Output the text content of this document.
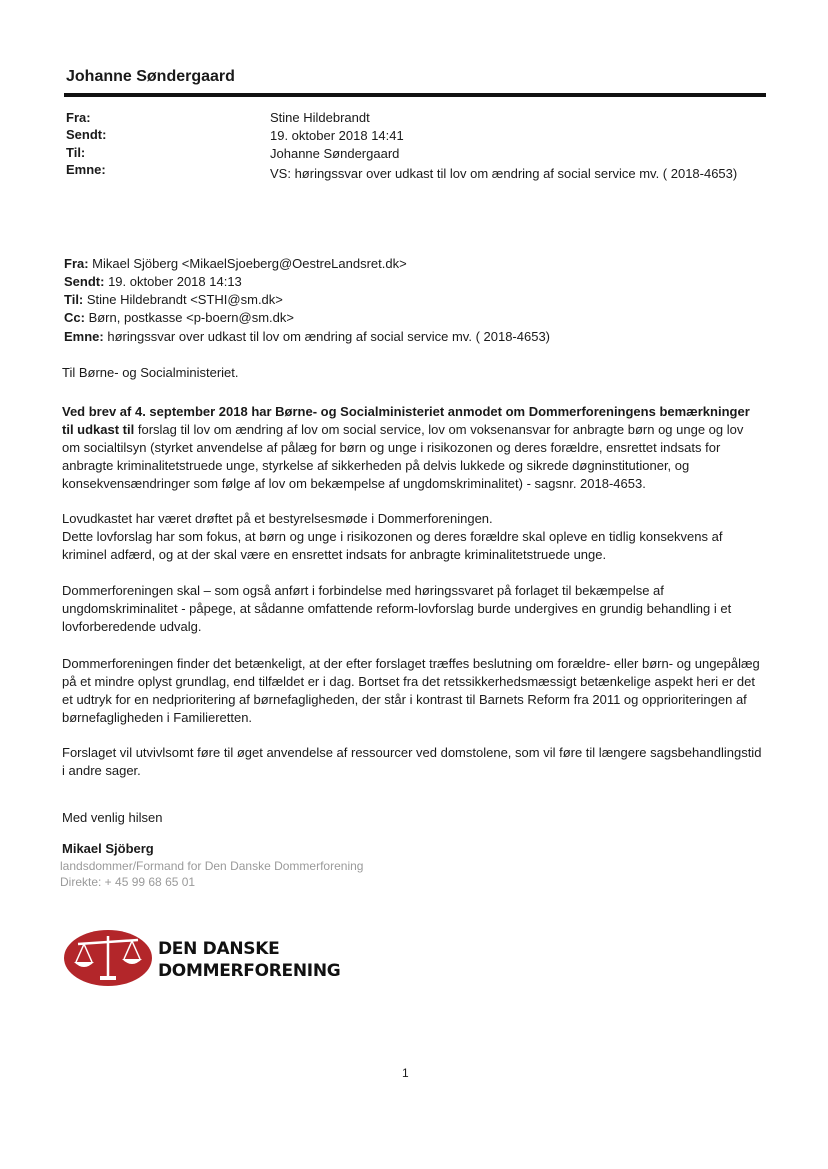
Johanne Søndergaard
Fra:	Stine Hildebrandt
Sendt:	19. oktober 2018 14:41
Til:	Johanne Søndergaard
Emne:	VS: høringssvar over udkast til lov om ændring af social service mv. ( 2018-4653)
Fra: Mikael Sjöberg <MikaelSjoeberg@OestreLandsret.dk>
Sendt: 19. oktober 2018 14:13
Til: Stine Hildebrandt <STHI@sm.dk>
Cc: Børn, postkasse <p-boern@sm.dk>
Emne: høringssvar over udkast til lov om ændring af social service mv. ( 2018-4653)
Til Børne- og Socialministeriet.
Ved brev af 4. september 2018 har Børne- og Socialministeriet anmodet om Dommerforeningens bemærkninger til udkast til forslag til lov om ændring af lov om social service, lov om voksenansvar for anbragte børn og unge og lov om socialtilsyn (styrket anvendelse af pålæg for børn og unge i risikozonen og deres forældre, ensrettet indsats for anbragte kriminalitetstruede unge, styrkelse af sikkerheden på delvis lukkede og sikrede døgninstitutioner, og konsekvensændringer som følge af lov om bekæmpelse af ungdomskriminalitet) - sagsnr. 2018-4653.
Lovudkastet har været drøftet på et bestyrelsesmøde i Dommerforeningen.
Dette lovforslag har som fokus, at børn og unge i risikozonen og deres forældre skal opleve en tidlig konsekvens af kriminel adfærd, og at der skal være en ensrettet indsats for anbragte kriminalitetstruede unge.
Dommerforeningen skal – som også anført i forbindelse med høringssvaret på forlaget til bekæmpelse af ungdomskriminalitet - påpege, at sådanne omfattende reform-lovforslag burde undergives en grundig behandling i et lovforberedende udvalg.
Dommerforeningen finder det betænkeligt, at der efter forslaget træffes beslutning om forældre- eller børn- og ungepålæg på et mindre oplyst grundlag, end tilfældet er i dag. Bortset fra det retssikkerhedsmæssigt betænkelige aspekt heri er det et udtryk for en nedprioritering af børnefagligheden, der står i kontrast til Barnets Reform fra 2011 og opprioriteringen af børnefagligheden i Familieretten.
Forslaget vil utvivlsomt føre til øget anvendelse af ressourcer ved domstolene, som vil føre til længere sagsbehandlingstid i andre sager.
Med venlig hilsen
Mikael Sjöberg
landsdommer/Formand for Den Danske Dommerforening
Direkte: + 45 99 68 65 01
DEN DANSKE
DOMMERFORENING
1
